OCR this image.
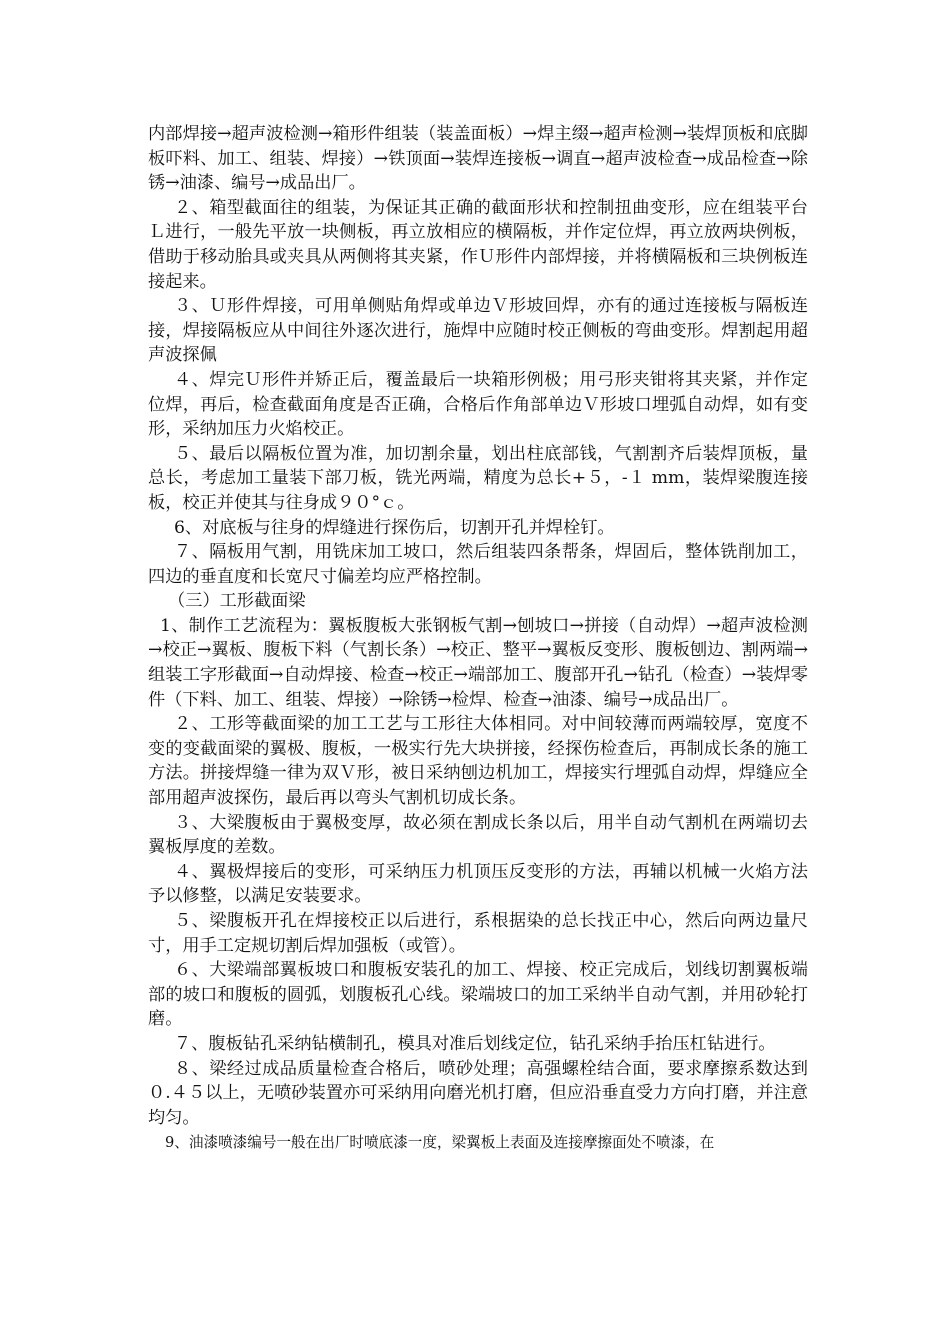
内部焊接→超声波检测→箱形件组装（装盖面板）→焊主缀→超声检测→装焊顶板和底脚板吓料、加工、组装、焊接）→铁顶面→装焊连接板→调直→超声波检查→成品检查→除锈→油漆、编号→成品出厂。

２、箱型截面往的组装，为保证其正确的截面形状和控制扭曲变形，应在组装平台Ｌ进行，一般先平放一块侧板，再立放相应的横隔板，并作定位焊，再立放两块例板，借助于移动胎具或夹具从两侧将其夹紧，作Ｕ形件内部焊接，并将横隔板和三块例板连接起来。

３、Ｕ形件焊接，可用单侧贴角焊或单边Ｖ形坡回焊，亦有的通过连接板与隔板连接，焊接隔板应从中间往外逐次进行，施焊中应随时校正侧板的弯曲变形。焊割起用超声波探佩

４、焊完Ｕ形件并矫正后，覆盖最后一块箱形例极；用弓形夹钳将其夹紧，并作定位焊，再后，检查截面角度是否正确，合格后作角部单边Ｖ形坡口埋弧自动焊，如有变形，采纳加压力火焰校正。

５、最后以隔板位置为准，加切割余量，划出柱底部钱，气割割齐后装焊顶板，量总长，考虑加工量装下部刀板，铣光两端，精度为总长+５，-１ mm，装焊梁腹连接板，校正并使其与往身成９０°ｃ。

6、对底板与往身的焊缝进行探伤后，切割开孔并焊栓钉。

７、隔板用气割，用铣床加工坡口，然后组装四条帮条，焊固后，整体铣削加工，四边的垂直度和长宽尺寸偏差均应严格控制。

（三）工形截面梁

1、制作工艺流程为：翼板腹板大张钢板气割→刨坡口→拼接（自动焊）→超声波检测→校正→翼板、腹板下料（气割长条）→校正、整平→翼板反变形、腹板刨边、割两端→组装工字形截面→自动焊接、检查→校正→端部加工、腹部开孔→钻孔（检查）→装焊零件（下料、加工、组装、焊接）→除锈→检焊、检查→油漆、编号→成品出厂。

２、工形等截面梁的加工工艺与工形往大体相同。对中间较薄而两端较厚，宽度不变的变截面梁的翼极、腹板，一极实行先大块拼接，经探伤检查后，再制成长条的施工方法。拼接焊缝一律为双Ｖ形，被日采纳刨边机加工，焊接实行埋弧自动焊，焊缝应全部用超声波探伤，最后再以弯头气割机切成长条。

３、大梁腹板由于翼极变厚，故必须在割成长条以后，用半自动气割机在两端切去翼板厚度的差数。

４、翼极焊接后的变形，可采纳压力机顶压反变形的方法，再辅以机械一火焰方法予以修整，以满足安装要求。

５、梁腹板开孔在焊接校正以后进行，系根据染的总长找正中心，然后向两边量尺寸，用手工定规切割后焊加强板（或管）。

６、大梁端部翼板坡口和腹板安装孔的加工、焊接、校正完成后，划线切割翼板端部的坡口和腹板的圆弧，划腹板孔心线。梁端坡口的加工采纳半自动气割，并用砂轮打磨。

７、腹板钻孔采纳钻横制孔，模具对准后划线定位，钻孔采纳手抬压杠钻进行。

８、梁经过成品质量检查合格后，喷砂处理；高强螺栓结合面，要求摩擦系数达到０.４５以上，无喷砂装置亦可采纳用向磨光机打磨，但应沿垂直受力方向打磨，并注意均匀。

9、油漆喷漆编号一般在出厂时喷底漆一度，梁翼板上表面及连接摩擦面处不喷漆，在
